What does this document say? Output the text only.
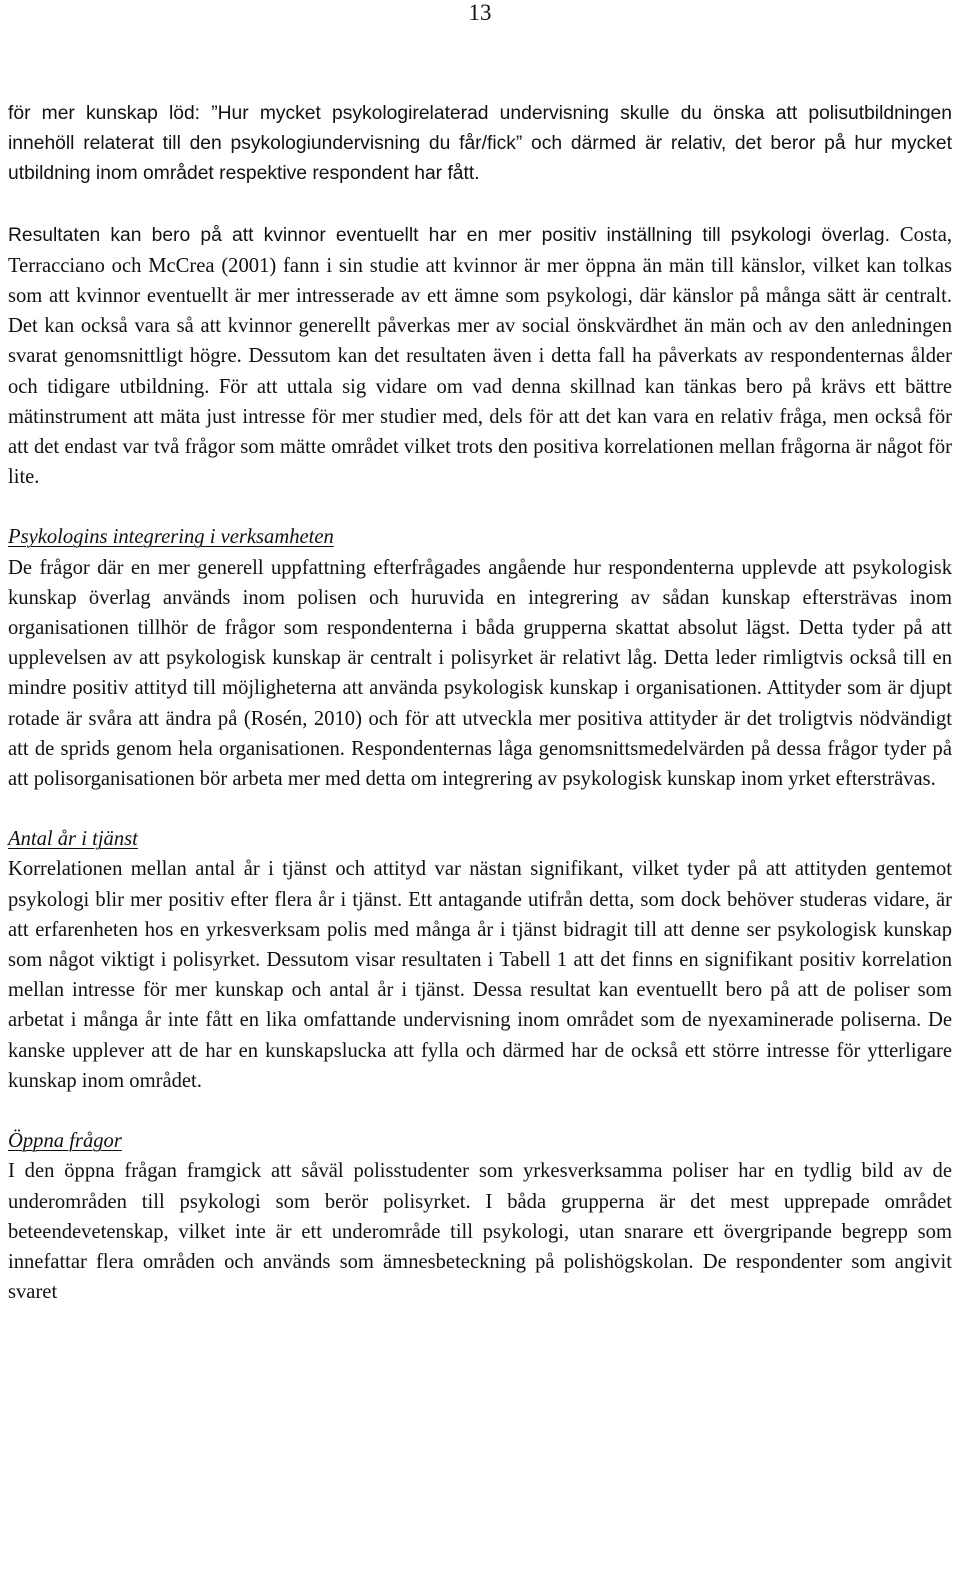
13

för mer kunskap löd: ”Hur mycket psykologirelaterad undervisning skulle du önska att polisutbildningen innehöll relaterat till den psykologiundervisning du får/fick” och därmed är relativ, det beror på hur mycket utbildning inom området respektive respondent har fått.

Resultaten kan bero på att kvinnor eventuellt har en mer positiv inställning till psykologi överlag. Costa, Terracciano och McCrea (2001) fann i sin studie att kvinnor är mer öppna än män till känslor, vilket kan tolkas som att kvinnor eventuellt är mer intresserade av ett ämne som psykologi, där känslor på många sätt är centralt. Det kan också vara så att kvinnor generellt påverkas mer av social önskvärdhet än män och av den anledningen svarat genomsnittligt högre. Dessutom kan det resultaten även i detta fall ha påverkats av respondenternas ålder och tidigare utbildning. För att uttala sig vidare om vad denna skillnad kan tänkas bero på krävs ett bättre mätinstrument att mäta just intresse för mer studier med, dels för att det kan vara en relativ fråga, men också för att det endast var två frågor som mätte området vilket trots den positiva korrelationen mellan frågorna är något för lite.

Psykologins integrering i verksamheten

De frågor där en mer generell uppfattning efterfrågades angående hur respondenterna upplevde att psykologisk kunskap överlag används inom polisen och huruvida en integrering av sådan kunskap eftersträvas inom organisationen tillhör de frågor som respondenterna i båda grupperna skattat absolut lägst. Detta tyder på att upplevelsen av att psykologisk kunskap är centralt i polisyrket är relativt låg. Detta leder rimligtvis också till en mindre positiv attityd till möjligheterna att använda psykologisk kunskap i organisationen. Attityder som är djupt rotade är svåra att ändra på (Rosén, 2010) och för att utveckla mer positiva attityder är det troligtvis nödvändigt att de sprids genom hela organisationen. Respondenternas låga genomsnittsmedelvärden på dessa frågor tyder på att polisorganisationen bör arbeta mer med detta om integrering av psykologisk kunskap inom yrket eftersträvas.

Antal år i tjänst

Korrelationen mellan antal år i tjänst och attityd var nästan signifikant, vilket tyder på att attityden gentemot psykologi blir mer positiv efter flera år i tjänst. Ett antagande utifrån detta, som dock behöver studeras vidare, är att erfarenheten hos en yrkesverksam polis med många år i tjänst bidragit till att denne ser psykologisk kunskap som något viktigt i polisyrket. Dessutom visar resultaten i Tabell 1 att det finns en signifikant positiv korrelation mellan intresse för mer kunskap och antal år i tjänst. Dessa resultat kan eventuellt bero på att de poliser som arbetat i många år inte fått en lika omfattande undervisning inom området som de nyexaminerade poliserna. De kanske upplever att de har en kunskapslucka att fylla och därmed har de också ett större intresse för ytterligare kunskap inom området.

Öppna frågor

I den öppna frågan framgick att såväl polisstudenter som yrkesverksamma poliser har en tydlig bild av de underområden till psykologi som berör polisyrket. I båda grupperna är det mest upprepade området beteendevetenskap, vilket inte är ett underområde till psykologi, utan snarare ett övergripande begrepp som innefattar flera områden och används som ämnesbeteckning på polishögskolan. De respondenter som angivit svaret
